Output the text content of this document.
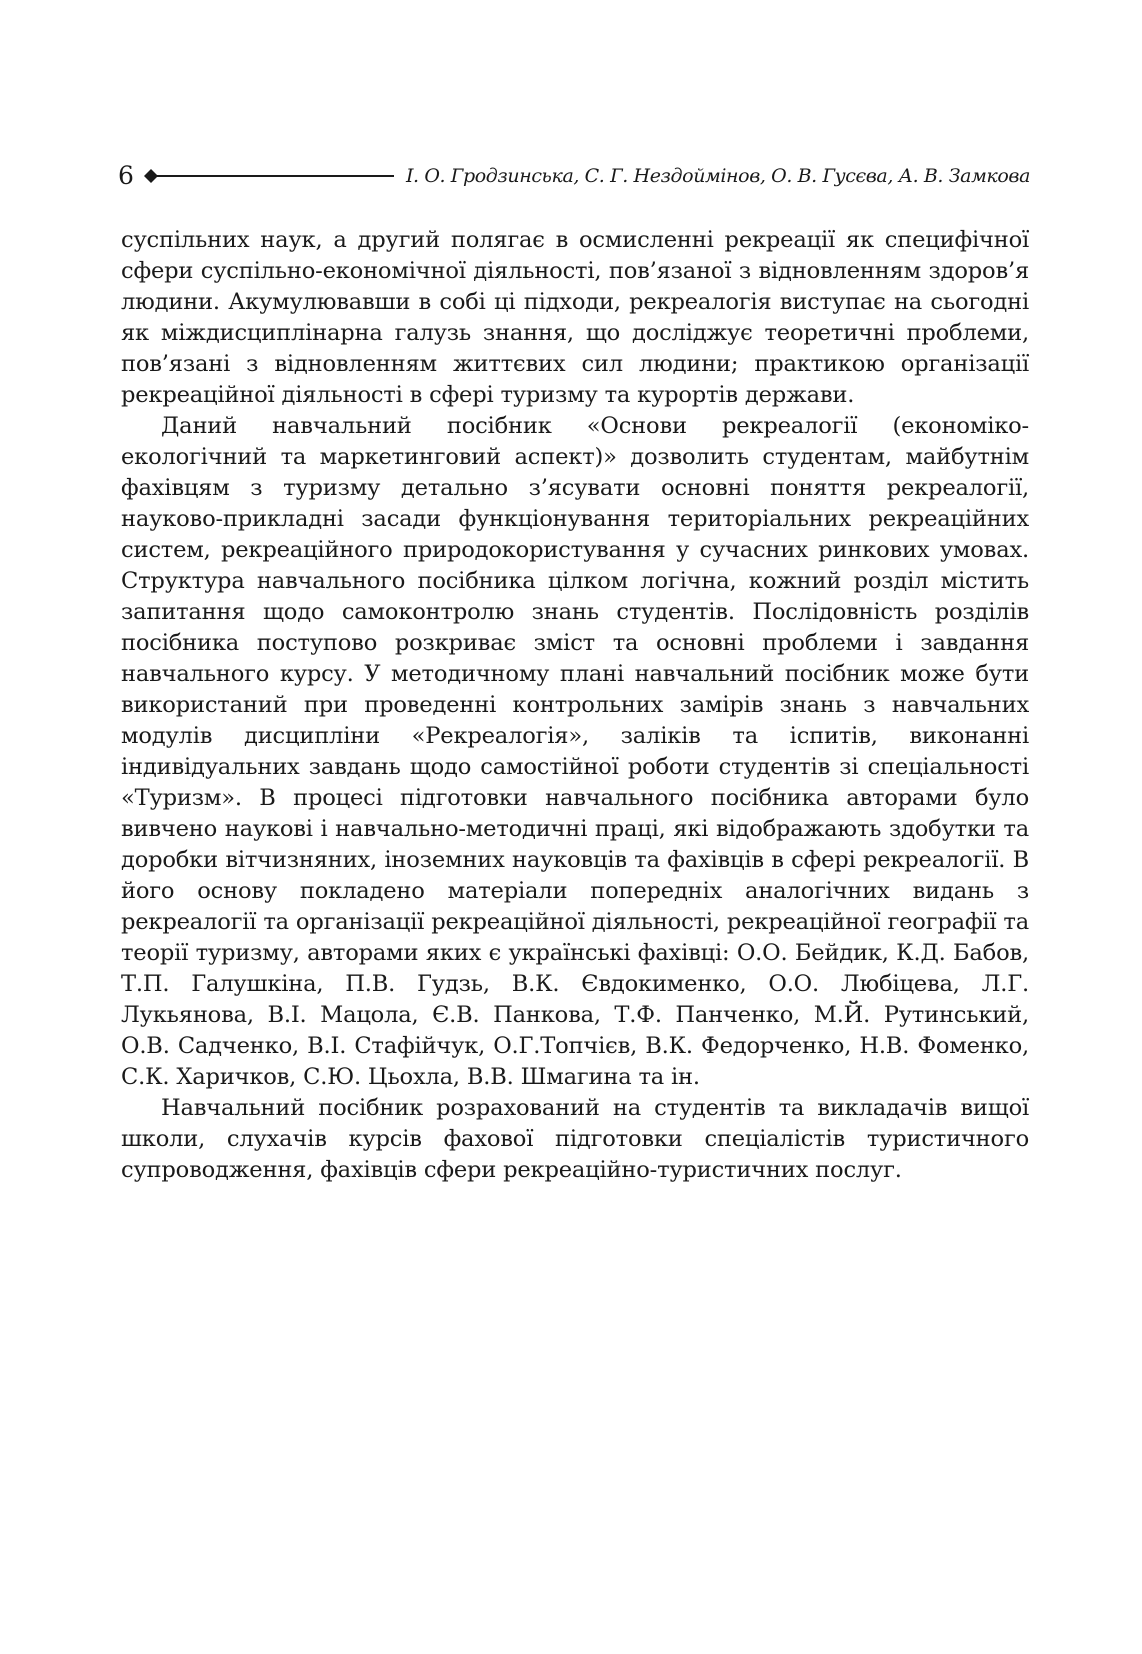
6	І. О. Гродзинська, С. Г. Нездоймінов, О. В. Гусєва, А. В. Замкова

суспільних наук, а другий полягає в осмисленні рекреації як специфічної сфери суспільно-економічної діяльності, пов’язаної з відновленням здоров’я людини. Акумулювавши в собі ці підходи, рекреалогія виступає на сьогодні як міждисциплінарна галузь знання, що досліджує теоретичні проблеми, пов’язані з відновленням життєвих сил людини; практикою організації рекреаційної діяльності в сфері туризму та курортів держави.

Даний навчальний посібник «Основи рекреалогії (економіко-екологічний та маркетинговий аспект)» дозволить студентам, майбутнім фахівцям з туризму детально з’ясувати основні поняття рекреалогії, науково-прикладні засади функціонування територіальних рекреаційних систем, рекреаційного природокористування у сучасних ринкових умовах. Структура навчального посібника цілком логічна, кожний розділ містить запитання щодо самоконтролю знань студентів. Послідовність розділів посібника поступово розкриває зміст та основні проблеми і завдання навчального курсу. У методичному плані навчальний посібник може бути використаний при проведенні контрольних замірів знань з навчальних модулів дисципліни «Рекреалогія», заліків та іспитів, виконанні індивідуальних завдань щодо самостійної роботи студентів зі спеціальності «Туризм». В процесі підготовки навчального посібника авторами було вивчено наукові і навчально-методичні праці, які відображають здобутки та доробки вітчизняних, іноземних науковців та фахівців в сфері рекреалогії. В його основу покладено матеріали попередніх аналогічних видань з рекреалогії та організації рекреаційної діяльності, рекреаційної географії та теорії туризму, авторами яких є українські фахівці: О.О. Бейдик, К.Д. Бабов, Т.П. Галушкіна, П.В. Гудзь, В.К. Євдокименко, О.О. Любіцева, Л.Г. Лукьянова, В.І. Мацола, Є.В. Панкова, Т.Ф. Панченко, М.Й. Рутинський, О.В. Садченко, В.І. Стафійчук, О.Г.Топчієв, В.К. Федорченко, Н.В. Фоменко, С.К. Харичков, С.Ю. Цьохла, В.В. Шмагина та ін.

Навчальний посібник розрахований на студентів та викладачів вищої школи, слухачів курсів фахової підготовки спеціалістів туристичного супроводження, фахівців сфери рекреаційно-туристичних послуг.
